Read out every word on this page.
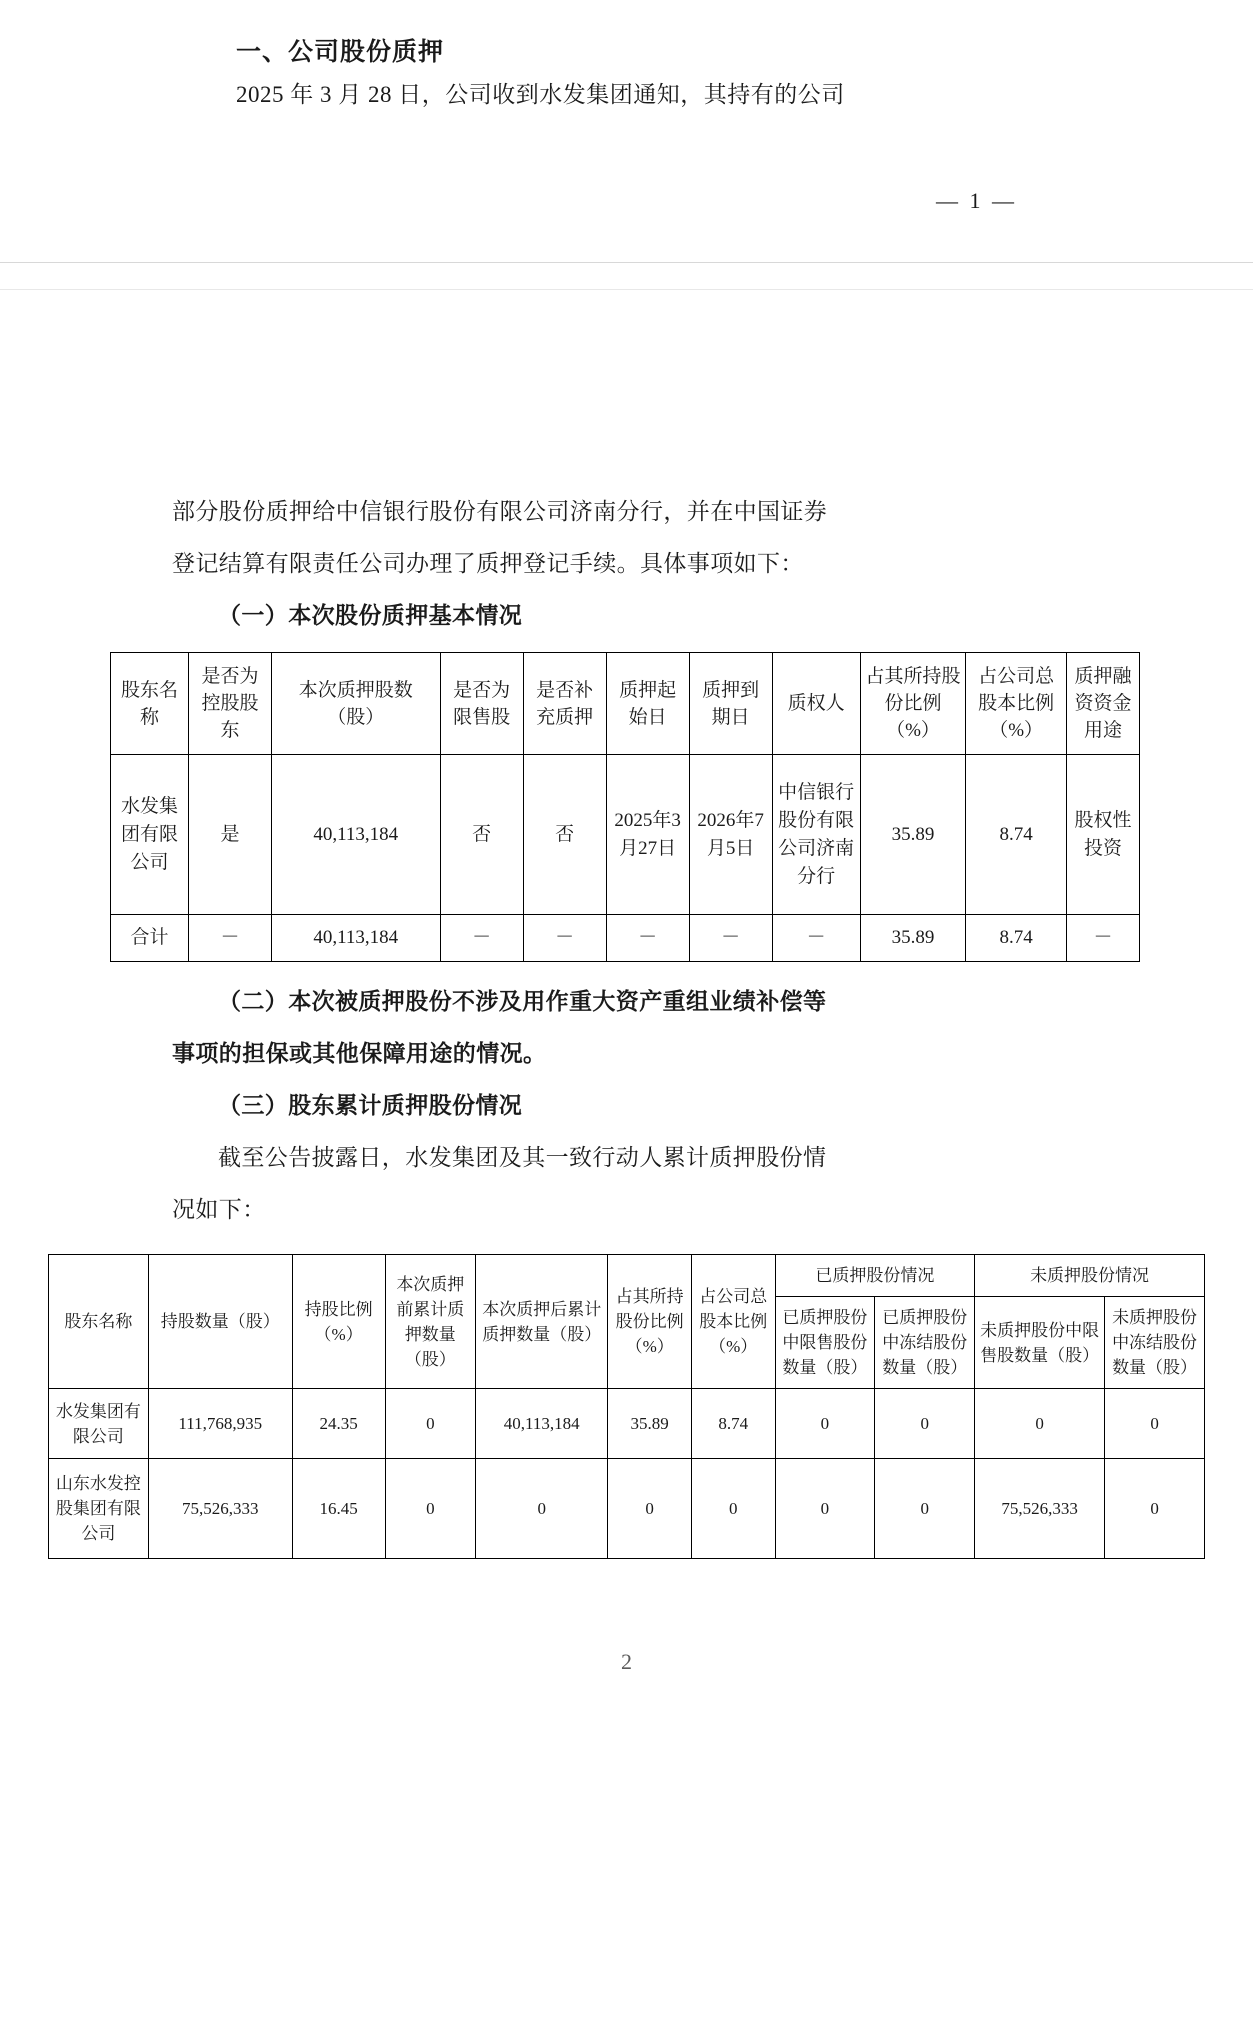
一、公司股份质押

2025 年 3 月 28 日，公司收到水发集团通知，其持有的公司

— 1 —

部分股份质押给中信银行股份有限公司济南分行，并在中国证券

登记结算有限责任公司办理了质押登记手续。具体事项如下：

（一）本次股份质押基本情况

股东名称	是否为控股股东	本次质押股数（股）	是否为限售股	是否补充质押	质押起始日	质押到期日	质权人	占其所持股份比例（%）	占公司总股本比例（%）	质押融资资金用途
水发集团有限公司	是	40,113,184	否	否	2025年3月27日	2026年7月5日	中信银行股份有限公司济南分行	35.89	8.74	股权性投资
合计	－	40,113,184	－	－	－	－	－	35.89	8.74	－

（二）本次被质押股份不涉及用作重大资产重组业绩补偿等

事项的担保或其他保障用途的情况。

（三）股东累计质押股份情况

截至公告披露日，水发集团及其一致行动人累计质押股份情

况如下：

股东名称	持股数量（股）	持股比例（%）	本次质押前累计质押数量（股）	本次质押后累计质押数量（股）	占其所持股份比例（%）	占公司总股本比例（%）	已质押股份情况		未质押股份情况	
							已质押股份中限售股份数量（股）	已质押股份中冻结股份数量（股）	未质押股份中限售股数量（股）	未质押股份中冻结股份数量（股）
水发集团有限公司	111,768,935	24.35	0	40,113,184	35.89	8.74	0	0	0	0
山东水发控股集团有限公司	75,526,333	16.45	0	0	0	0	0	0	75,526,333	0
2
